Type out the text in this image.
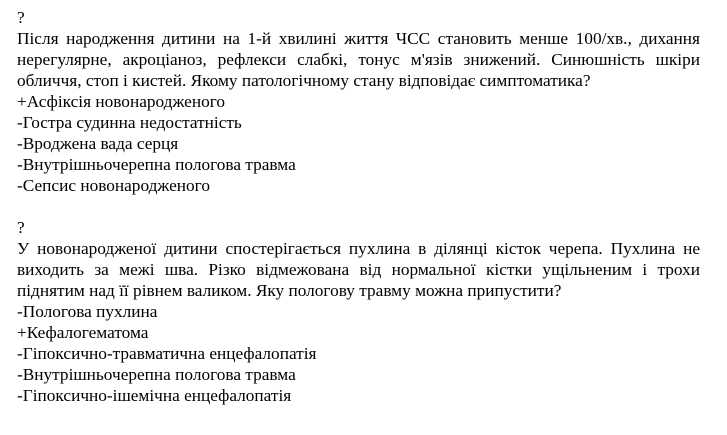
?
Після народження дитини на 1-й хвилині життя ЧСС становить менше 100/хв., дихання
нерегулярне, акроціаноз, рефлекси слабкі, тонус м'язів знижений. Синюшність шкіри
обличчя, стоп і кистей. Якому патологічному стану відповідає симптоматика?
+Асфіксія новонародженого
-Гостра судинна недостатність
-Вроджена вада серця
-Внутрішньочерепна пологова травма
-Сепсис новонародженого
?
У новонародженої дитини спостерігається пухлина в ділянці кісток черепа. Пухлина не
виходить за межі шва. Різко відмежована від нормальної кістки ущільненим і трохи
піднятим над її рівнем валиком. Яку пологову травму можна припустити?
-Пологова пухлина
+Кефалогематома
-Гіпоксично-травматична енцефалопатія
-Внутрішньочерепна пологова травма
-Гіпоксично-ішемічна енцефалопатія
